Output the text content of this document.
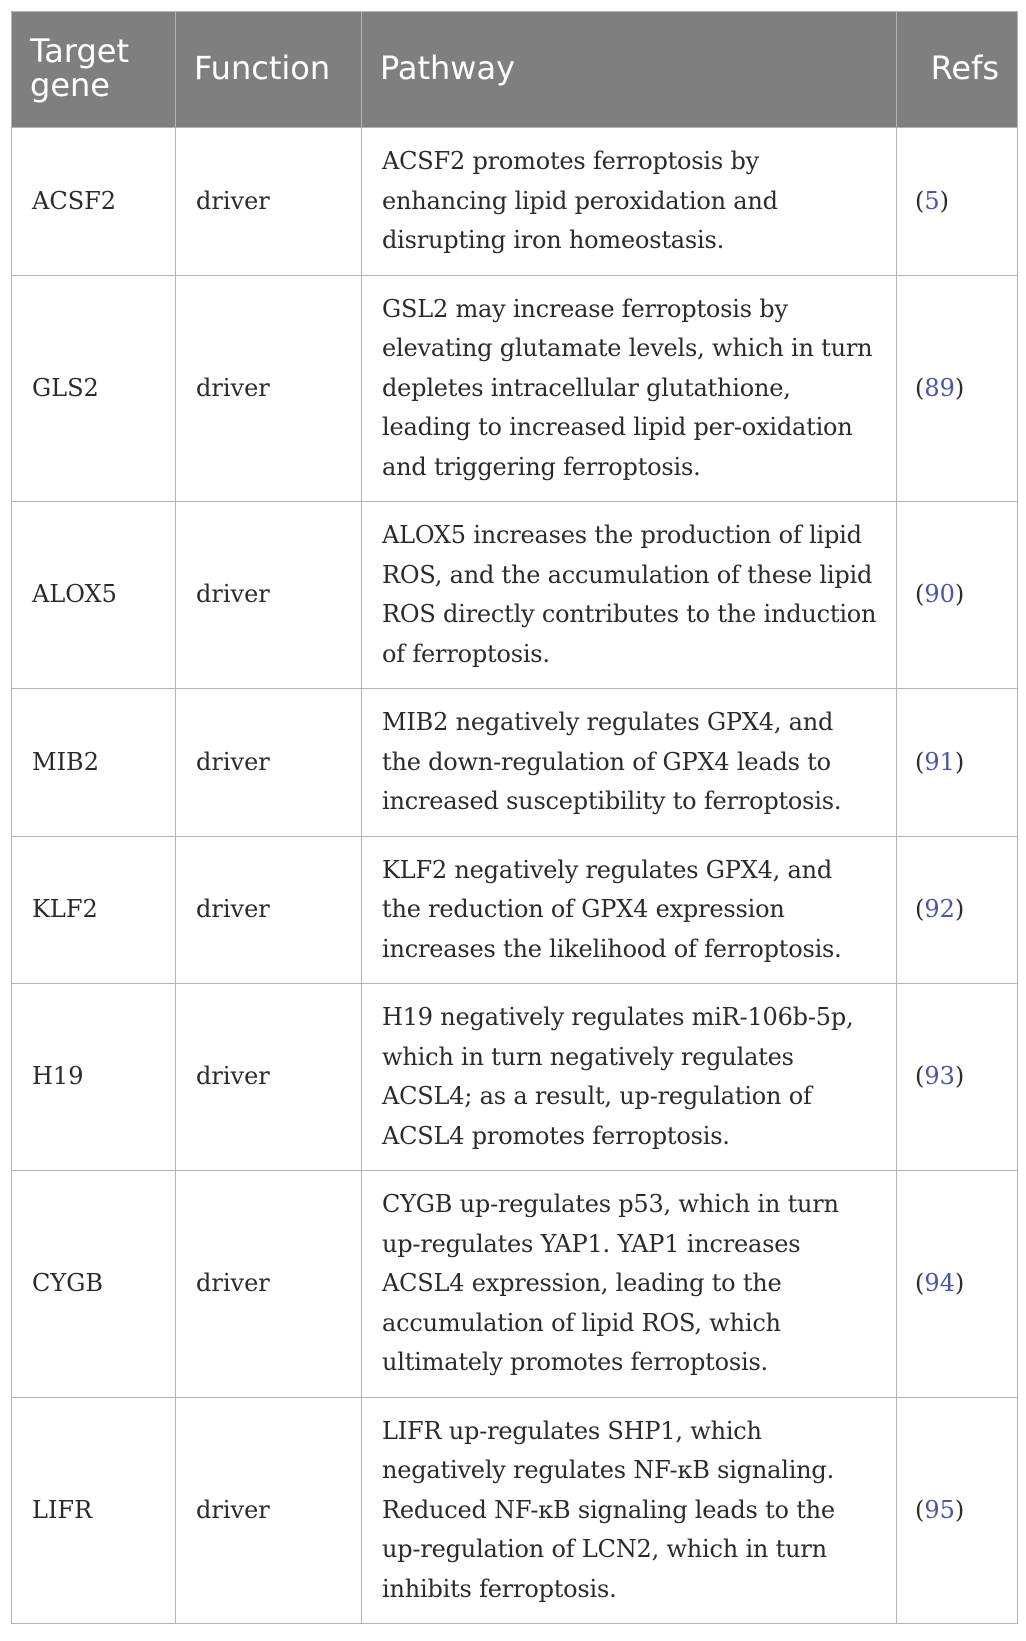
Target gene	Function	Pathway	Refs
ACSF2	driver	ACSF2 promotes ferroptosis by enhancing lipid peroxidation and disrupting iron homeostasis.	(5)
GLS2	driver	GSL2 may increase ferroptosis by elevating glutamate levels, which in turn depletes intracellular glutathione, leading to increased lipid per-oxidation and triggering ferroptosis.	(89)
ALOX5	driver	ALOX5 increases the production of lipid ROS, and the accumulation of these lipid ROS directly contributes to the induction of ferroptosis.	(90)
MIB2	driver	MIB2 negatively regulates GPX4, and the down-regulation of GPX4 leads to increased susceptibility to ferroptosis.	(91)
KLF2	driver	KLF2 negatively regulates GPX4, and the reduction of GPX4 expression increases the likelihood of ferroptosis.	(92)
H19	driver	H19 negatively regulates miR-106b-5p, which in turn negatively regulates ACSL4; as a result, up-regulation of ACSL4 promotes ferroptosis.	(93)
CYGB	driver	CYGB up-regulates p53, which in turn up-regulates YAP1. YAP1 increases ACSL4 expression, leading to the accumulation of lipid ROS, which ultimately promotes ferroptosis.	(94)
LIFR	driver	LIFR up-regulates SHP1, which negatively regulates NF-κB signaling. Reduced NF-κB signaling leads to the up-regulation of LCN2, which in turn inhibits ferroptosis.	(95)
